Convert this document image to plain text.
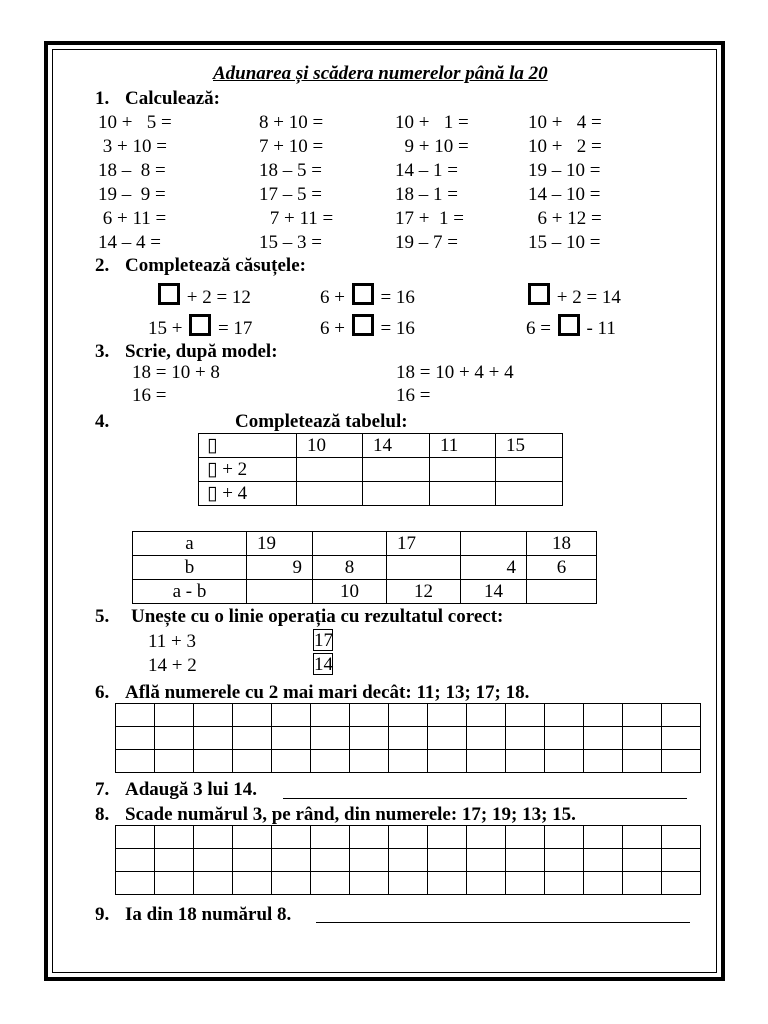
Adunarea și scădera numerelor până la 20
1. Calculează:
10 +   5 =	8 + 10 =	10 +   1 =	10 +   4 =
3 + 10 =	7 + 10 =	9 + 10 =	10 +   2 =
18 –  8 =	18 – 5 =	14 – 1 =	19 – 10 =
19 –  9 =	17 – 5 =	18 – 1 =	14 – 10 =
6 + 11 =	7 + 11 =	17 +  1 =	6 + 12 =
14 – 4 =	15 – 3 =	19 – 7 =	15 – 10 =
2. Completează căsuțele:
+ 2 = 12	6 + = 16	+ 2 = 14
15 + = 17	6 + = 16	6 = - 11
3. Scrie, după model:
18 = 10 + 8
16 =
18 = 10 + 4 + 4
16 =
4.	Completează tabelul:
▯	10	14	11	15
▯ + 2				
▯ + 4				
a	19		17		18
b	9	8		4	6
a - b		10	12	14	
5. Unește cu o linie operația cu rezultatul corect:
11 + 3
14 + 2
17
14
6. Află numerele cu 2 mai mari decât: 11; 13; 17; 18.

7. Adaugă 3 lui 14.
8. Scade numărul 3, pe rând, din numerele: 17; 19; 13; 15.

9. Ia din 18 numărul 8.
